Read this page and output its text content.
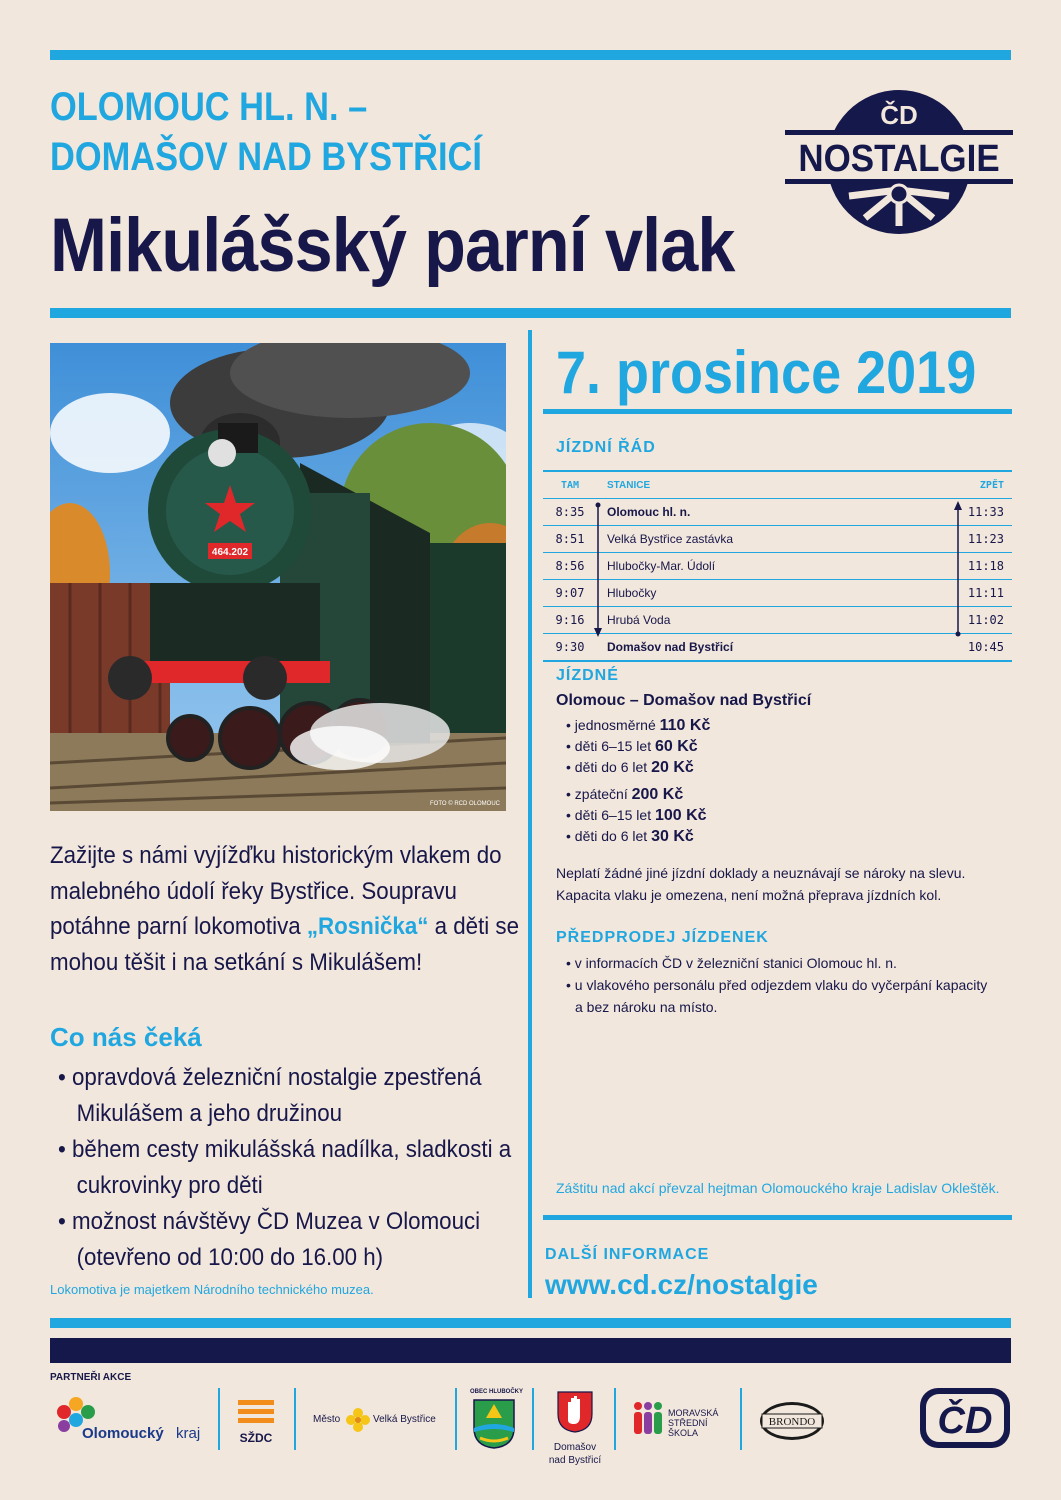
OLOMOUC HL. N. –
DOMAŠOV NAD BYSTŘICÍ
Mikulášský parní vlak
ČD
NOSTALGIE
464.202
FOTO © RCD OLOMOUC
Zažijte s námi vyjížďku historickým vlakem do malebného údolí řeky Bystřice. Soupravu potáhne parní lokomotiva „Rosnička“ a děti se mohou těšit i na setkání s Mikulášem!
Co nás čeká
• opravdová železniční nostalgie zpestřená Mikulášem a jeho družinou
• během cesty mikulášská nadílka, sladkosti a cukrovinky pro děti
• možnost návštěvy ČD Muzea v Olomouci (otevřeno od 10:00 do 16.00 h)
Lokomotiva je majetkem Národního technického muzea.
7. prosince 2019
JÍZDNÍ ŘÁD
TAM	STANICE	ZPĚT
8:35	Olomouc hl. n.	11:33
8:51	Velká Bystřice zastávka	11:23
8:56	Hlubočky-Mar. Údolí	11:18
9:07	Hlubočky	11:11
9:16	Hrubá Voda	11:02
9:30	Domašov nad Bystřicí	10:45
JÍZDNÉ
Olomouc – Domašov nad Bystřicí
• jednosměrné 110 Kč
• děti 6–15 let 60 Kč
• děti do 6 let 20 Kč
• zpáteční 200 Kč
• děti 6–15 let 100 Kč
• děti do 6 let 30 Kč
Neplatí žádné jiné jízdní doklady a neuznávají se nároky na slevu.
Kapacita vlaku je omezena, není možná přeprava jízdních kol.
PŘEDPRODEJ JÍZDENEK
• v informacích ČD v železniční stanici Olomouc hl. n.
• u vlakového personálu před odjezdem vlaku do vyčerpání kapacity
a bez nároku na místo.
Záštitu nad akcí převzal hejtman Olomouckého kraje Ladislav Okleštěk.
DALŠÍ INFORMACE
www.cd.cz/nostalgie
PARTNEŘI AKCE
Olomoucký kraj	SŽDC
Město	Velká Bystřice
OBEC HLUBOČKY
Domašov
nad Bystřicí
MORAVSKÁ
STŘEDNÍ
ŠKOLA
BRONDO	ČD
